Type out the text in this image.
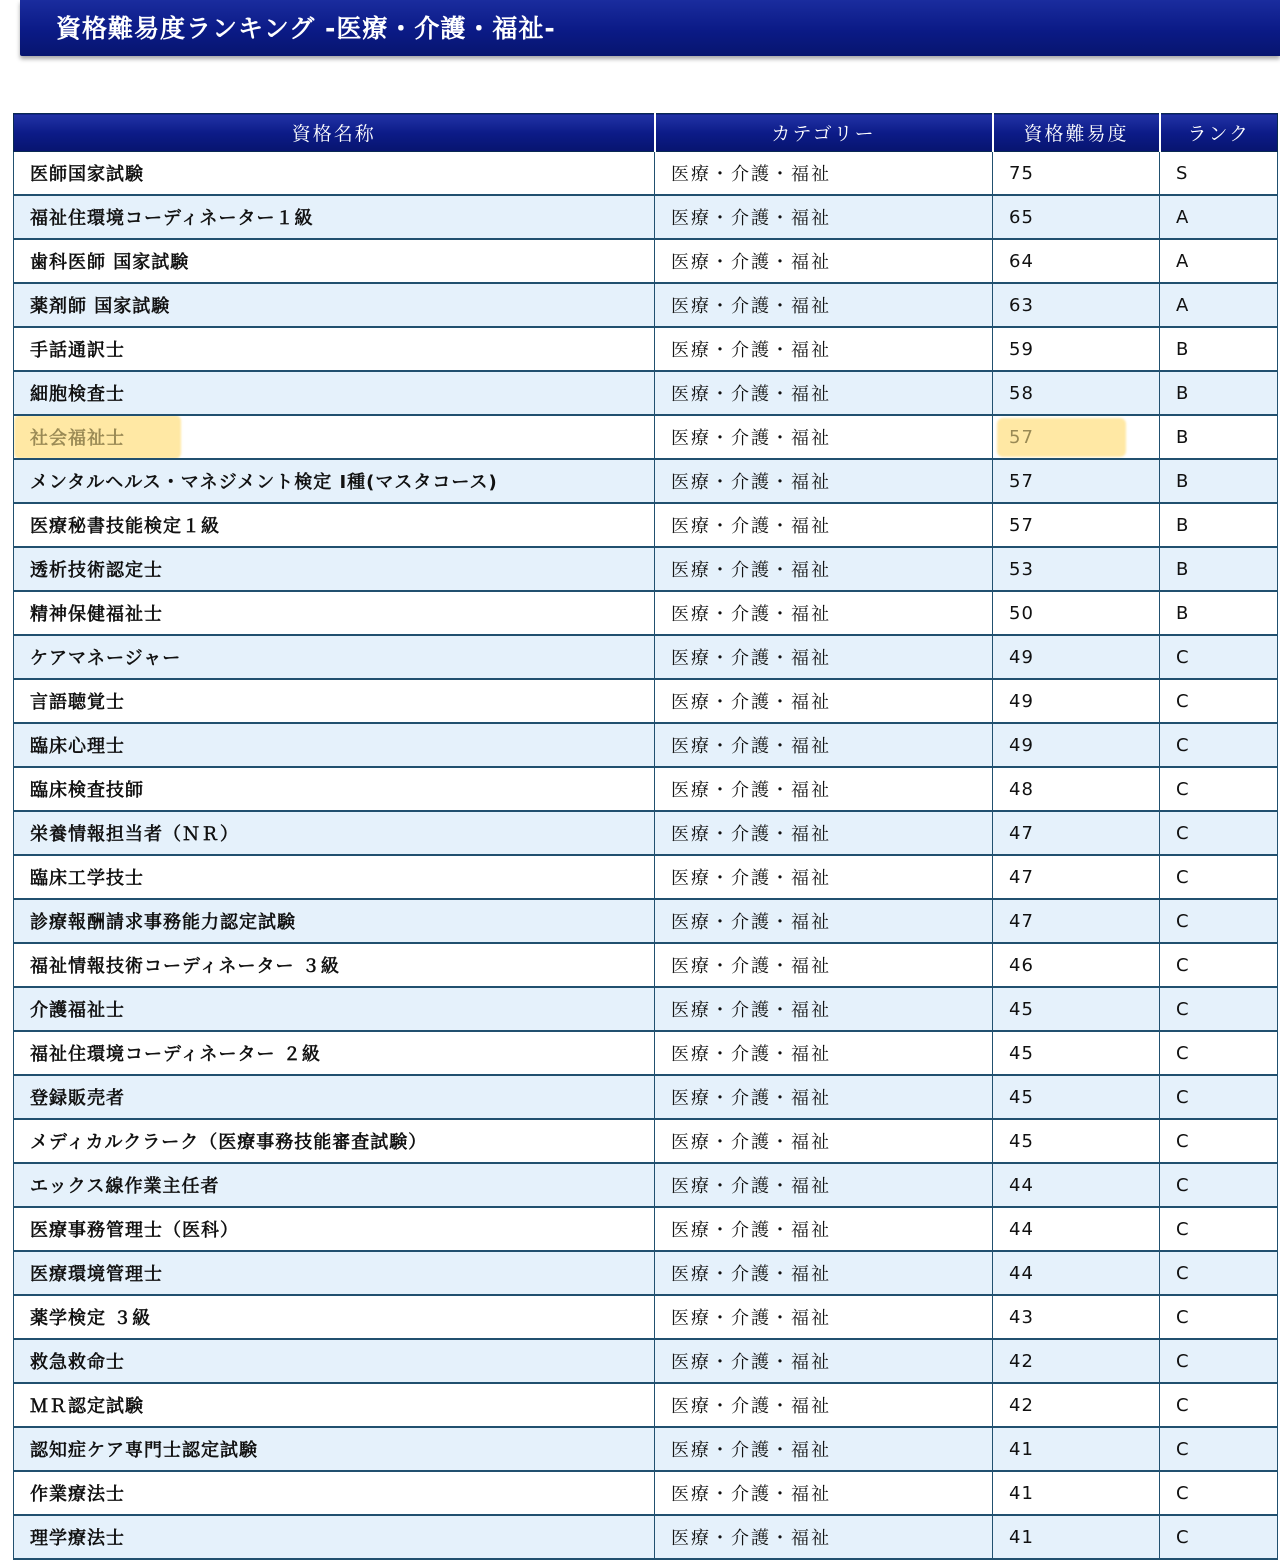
資格難易度ランキング -医療・介護・福祉-
資格名称	カテゴリー	資格難易度	ランク
医師国家試験	医療・介護・福祉	75	S
福祉住環境コーディネーター１級	医療・介護・福祉	65	A
歯科医師 国家試験	医療・介護・福祉	64	A
薬剤師 国家試験	医療・介護・福祉	63	A
手話通訳士	医療・介護・福祉	59	B
細胞検査士	医療・介護・福祉	58	B
社会福祉士	医療・介護・福祉	57	B
メンタルヘルス・マネジメント検定 Ⅰ種(マスタコース)	医療・介護・福祉	57	B
医療秘書技能検定１級	医療・介護・福祉	57	B
透析技術認定士	医療・介護・福祉	53	B
精神保健福祉士	医療・介護・福祉	50	B
ケアマネージャー	医療・介護・福祉	49	C
言語聴覚士	医療・介護・福祉	49	C
臨床心理士	医療・介護・福祉	49	C
臨床検査技師	医療・介護・福祉	48	C
栄養情報担当者（ＮＲ）	医療・介護・福祉	47	C
臨床工学技士	医療・介護・福祉	47	C
診療報酬請求事務能力認定試験	医療・介護・福祉	47	C
福祉情報技術コーディネーター ３級	医療・介護・福祉	46	C
介護福祉士	医療・介護・福祉	45	C
福祉住環境コーディネーター ２級	医療・介護・福祉	45	C
登録販売者	医療・介護・福祉	45	C
メディカルクラーク（医療事務技能審査試験）	医療・介護・福祉	45	C
エックス線作業主任者	医療・介護・福祉	44	C
医療事務管理士（医科）	医療・介護・福祉	44	C
医療環境管理士	医療・介護・福祉	44	C
薬学検定 ３級	医療・介護・福祉	43	C
救急救命士	医療・介護・福祉	42	C
ＭＲ認定試験	医療・介護・福祉	42	C
認知症ケア専門士認定試験	医療・介護・福祉	41	C
作業療法士	医療・介護・福祉	41	C
理学療法士	医療・介護・福祉	41	C
